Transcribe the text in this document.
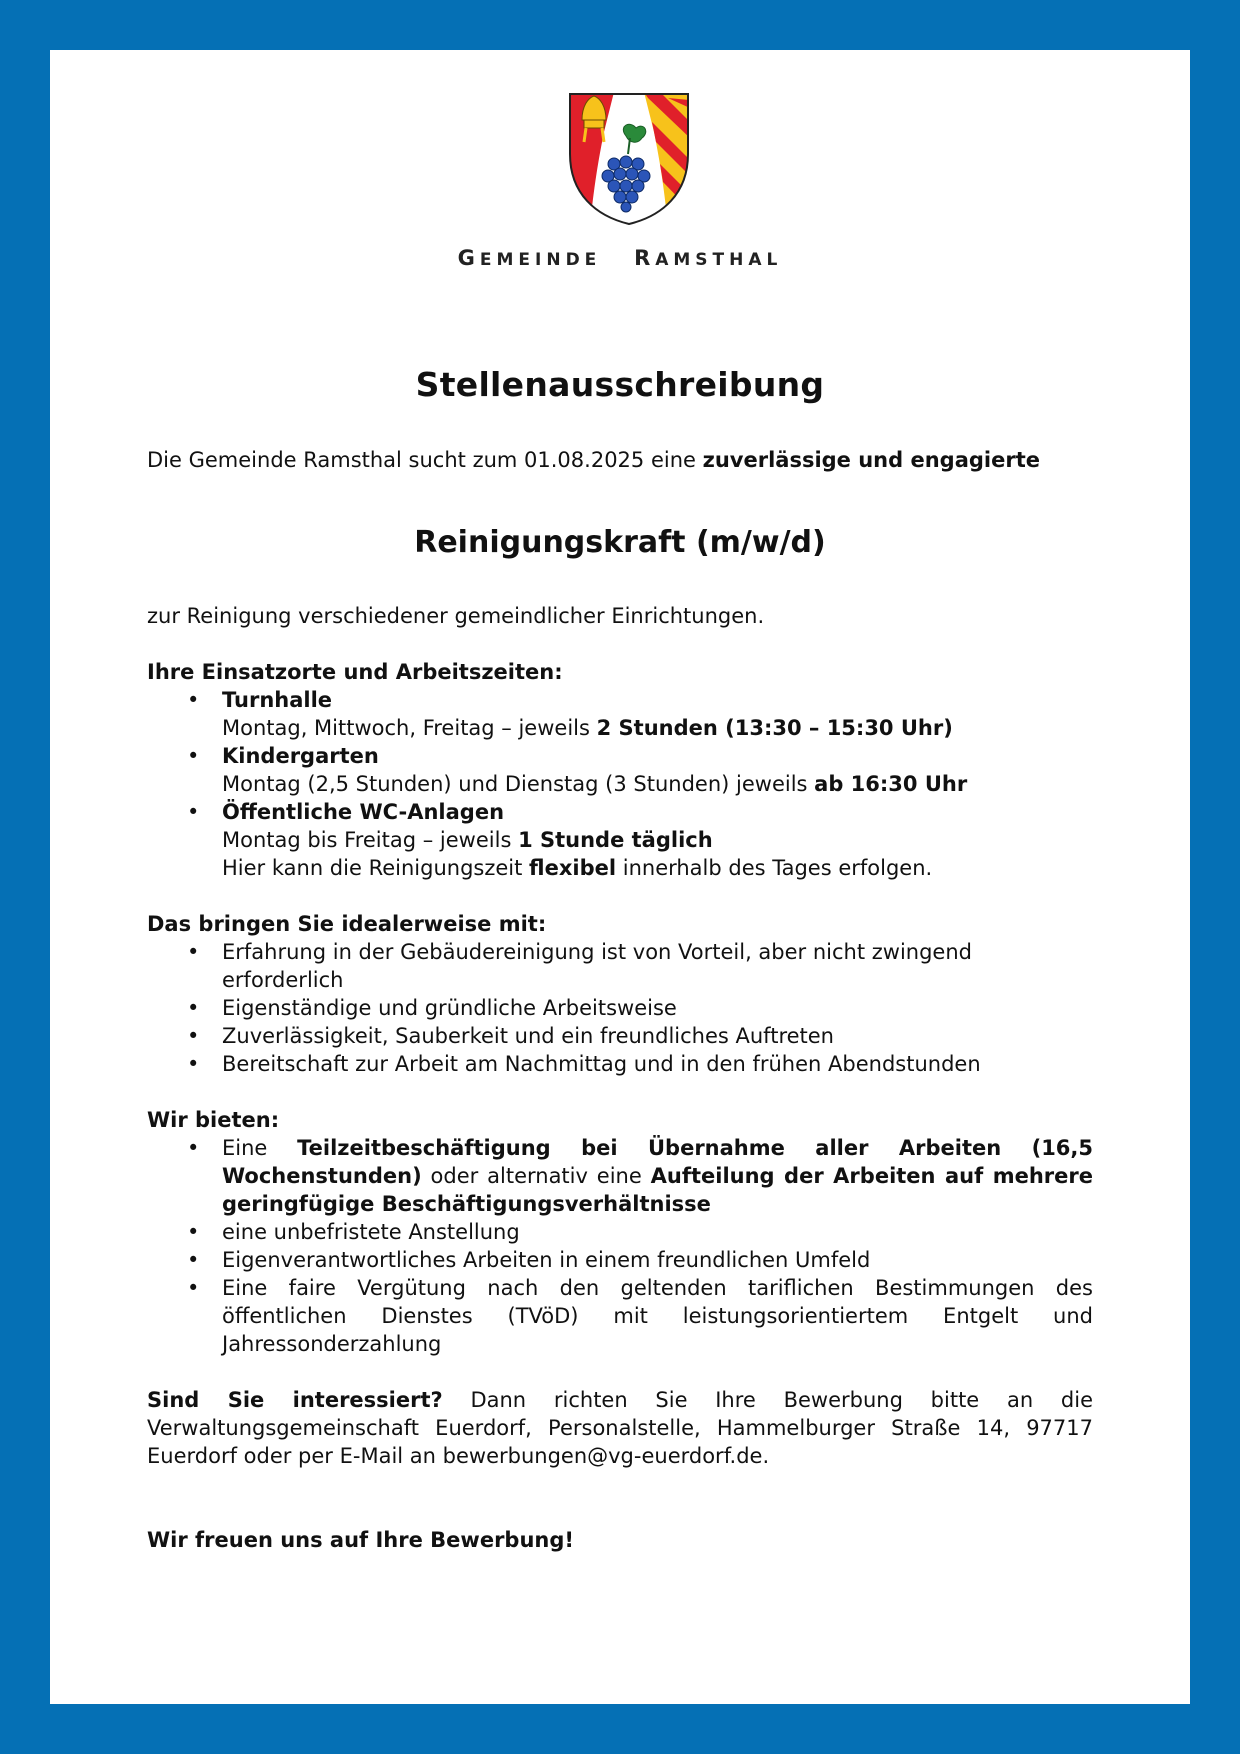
GEMEINDE RAMSTHAL
Stellenausschreibung
Die Gemeinde Ramsthal sucht zum 01.08.2025 eine zuverlässige und engagierte
Reinigungskraft (m/w/d)
zur Reinigung verschiedener gemeindlicher Einrichtungen.
Ihre Einsatzorte und Arbeitszeiten:
• Turnhalle
Montag, Mittwoch, Freitag – jeweils 2 Stunden (13:30 – 15:30 Uhr)
• Kindergarten
Montag (2,5 Stunden) und Dienstag (3 Stunden) jeweils ab 16:30 Uhr
• Öffentliche WC-Anlagen
Montag bis Freitag – jeweils 1 Stunde täglich
Hier kann die Reinigungszeit flexibel innerhalb des Tages erfolgen.
Das bringen Sie idealerweise mit:
• Erfahrung in der Gebäudereinigung ist von Vorteil, aber nicht zwingend erforderlich
• Eigenständige und gründliche Arbeitsweise
• Zuverlässigkeit, Sauberkeit und ein freundliches Auftreten
• Bereitschaft zur Arbeit am Nachmittag und in den frühen Abendstunden
Wir bieten:
• Eine Teilzeitbeschäftigung bei Übernahme aller Arbeiten (16,5 Wochenstunden) oder alternativ eine Aufteilung der Arbeiten auf mehrere geringfügige Beschäftigungsverhältnisse
• eine unbefristete Anstellung
• Eigenverantwortliches Arbeiten in einem freundlichen Umfeld
• Eine faire Vergütung nach den geltenden tariflichen Bestimmungen des öffentlichen Dienstes (TVöD) mit leistungsorientiertem Entgelt und Jahressonderzahlung
Sind Sie interessiert? Dann richten Sie Ihre Bewerbung bitte an die Verwaltungsgemeinschaft Euerdorf, Personalstelle, Hammelburger Straße 14, 97717 Euerdorf oder per E-Mail an bewerbungen@vg-euerdorf.de.
Wir freuen uns auf Ihre Bewerbung!
